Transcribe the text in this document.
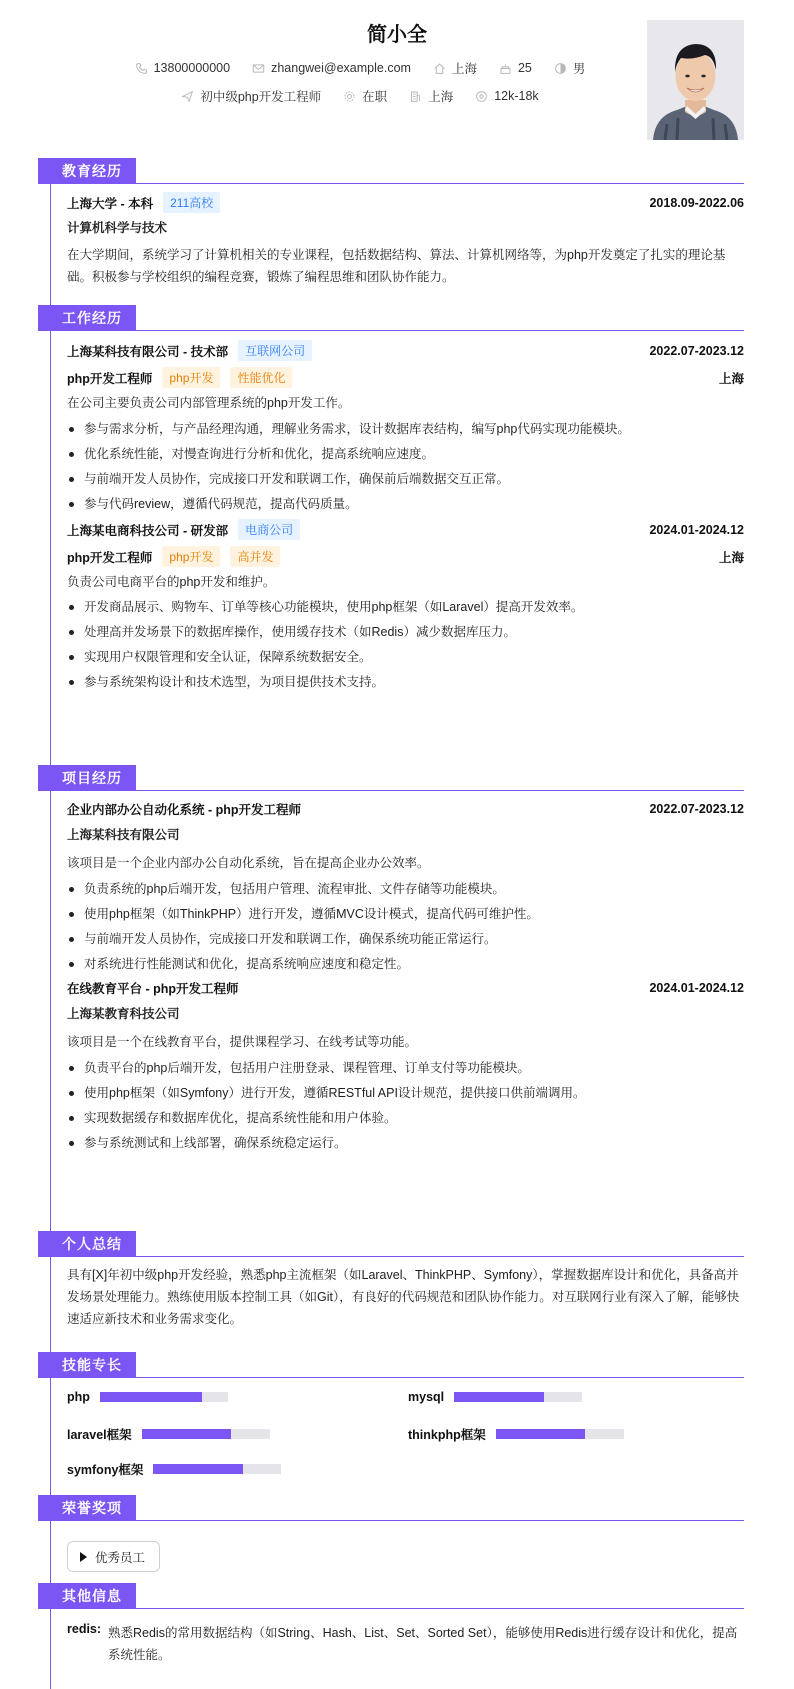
简小全
13800000000	zhangwei@example.com	上海	25	男
初中级php开发工程师	在职	上海	12k-18k
教育经历
上海大学 - 本科	211高校	2018.09-2022.06
计算机科学与技术
在大学期间，系统学习了计算机相关的专业课程，包括数据结构、算法、计算机网络等，为php开发奠定了扎实的理论基础。积极参与学校组织的编程竞赛，锻炼了编程思维和团队协作能力。
工作经历
上海某科技有限公司 - 技术部	互联网公司	2022.07-2023.12
php开发工程师	php开发	性能优化	上海
在公司主要负责公司内部管理系统的php开发工作。
参与需求分析，与产品经理沟通，理解业务需求，设计数据库表结构，编写php代码实现功能模块。
优化系统性能，对慢查询进行分析和优化，提高系统响应速度。
与前端开发人员协作，完成接口开发和联调工作，确保前后端数据交互正常。
参与代码review，遵循代码规范，提高代码质量。
上海某电商科技公司 - 研发部	电商公司	2024.01-2024.12
php开发工程师	php开发	高并发	上海
负责公司电商平台的php开发和维护。
开发商品展示、购物车、订单等核心功能模块，使用php框架（如Laravel）提高开发效率。
处理高并发场景下的数据库操作，使用缓存技术（如Redis）减少数据库压力。
实现用户权限管理和安全认证，保障系统数据安全。
参与系统架构设计和技术选型，为项目提供技术支持。
项目经历
企业内部办公自动化系统 - php开发工程师	2022.07-2023.12
上海某科技有限公司
该项目是一个企业内部办公自动化系统，旨在提高企业办公效率。
负责系统的php后端开发，包括用户管理、流程审批、文件存储等功能模块。
使用php框架（如ThinkPHP）进行开发，遵循MVC设计模式，提高代码可维护性。
与前端开发人员协作，完成接口开发和联调工作，确保系统功能正常运行。
对系统进行性能测试和优化，提高系统响应速度和稳定性。
在线教育平台 - php开发工程师	2024.01-2024.12
上海某教育科技公司
该项目是一个在线教育平台，提供课程学习、在线考试等功能。
负责平台的php后端开发，包括用户注册登录、课程管理、订单支付等功能模块。
使用php框架（如Symfony）进行开发，遵循RESTful API设计规范，提供接口供前端调用。
实现数据缓存和数据库优化，提高系统性能和用户体验。
参与系统测试和上线部署，确保系统稳定运行。
个人总结
具有[X]年初中级php开发经验，熟悉php主流框架（如Laravel、ThinkPHP、Symfony），掌握数据库设计和优化，具备高并发场景处理能力。熟练使用版本控制工具（如Git），有良好的代码规范和团队协作能力。对互联网行业有深入了解，能够快速适应新技术和业务需求变化。
技能专长
php	mysql
laravel框架	thinkphp框架
symfony框架
荣誉奖项
优秀员工
其他信息
redis: 熟悉Redis的常用数据结构（如String、Hash、List、Set、Sorted Set），能够使用Redis进行缓存设计和优化，提高系统性能。
